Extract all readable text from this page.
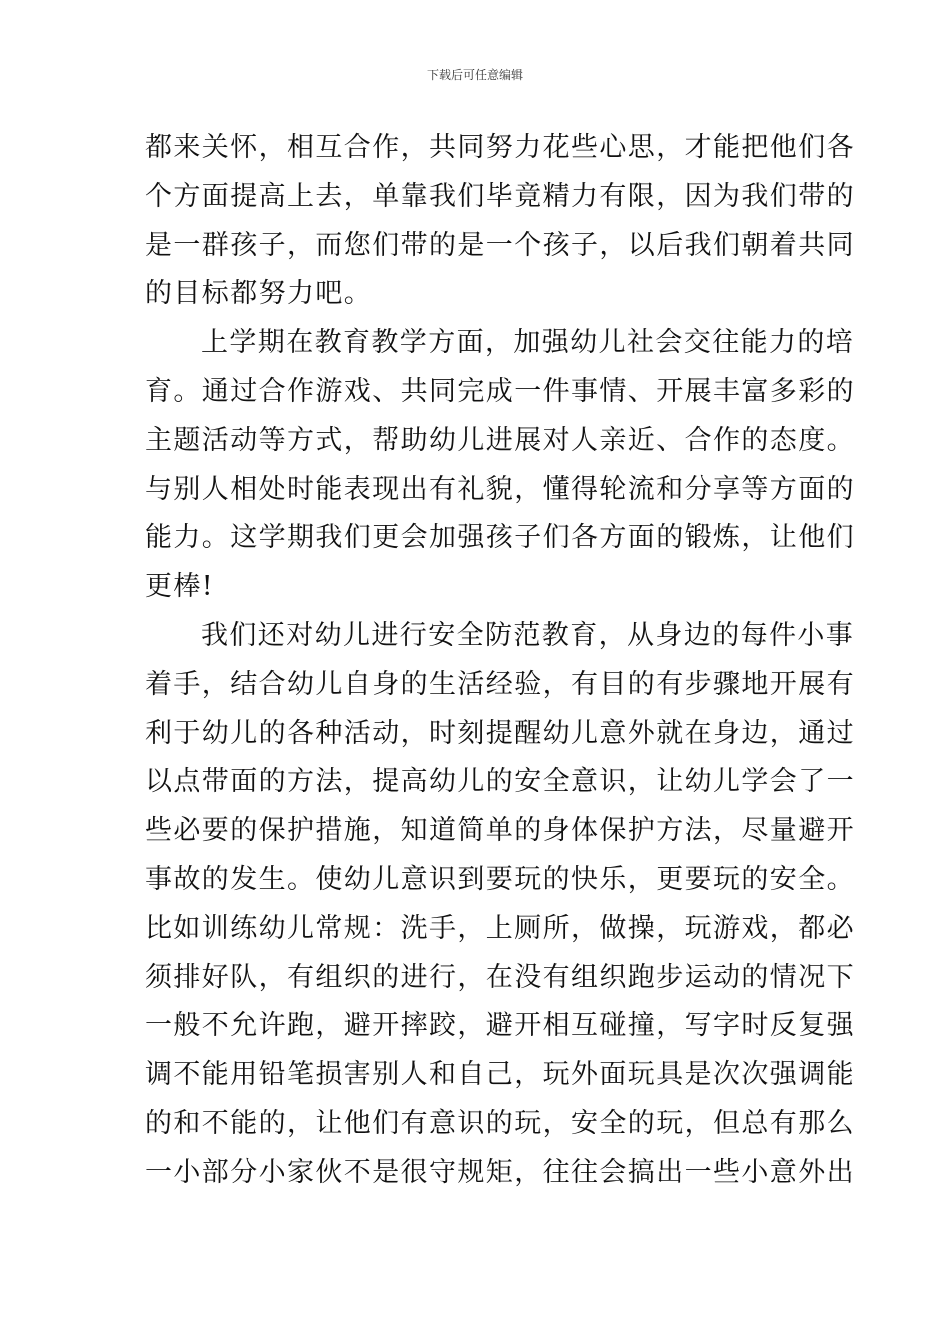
下载后可任意编辑

都来关怀，相互合作，共同努力花些心思，才能把他们各
个方面提高上去，单靠我们毕竟精力有限，因为我们带的
是一群孩子，而您们带的是一个孩子，以后我们朝着共同
的目标都努力吧。

上学期在教育教学方面，加强幼儿社会交往能力的培
育。通过合作游戏、共同完成一件事情、开展丰富多彩的
主题活动等方式，帮助幼儿进展对人亲近、合作的态度。
与别人相处时能表现出有礼貌，懂得轮流和分享等方面的
能力。这学期我们更会加强孩子们各方面的锻炼，让他们
更棒!

我们还对幼儿进行安全防范教育，从身边的每件小事
着手，结合幼儿自身的生活经验，有目的有步骤地开展有
利于幼儿的各种活动，时刻提醒幼儿意外就在身边，通过
以点带面的方法，提高幼儿的安全意识，让幼儿学会了一
些必要的保护措施，知道简单的身体保护方法，尽量避开
事故的发生。使幼儿意识到要玩的快乐，更要玩的安全。
比如训练幼儿常规：洗手，上厕所，做操，玩游戏，都必
须排好队，有组织的进行，在没有组织跑步运动的情况下
一般不允许跑，避开摔跤，避开相互碰撞，写字时反复强
调不能用铅笔损害别人和自己，玩外面玩具是次次强调能
的和不能的，让他们有意识的玩，安全的玩，但总有那么
一小部分小家伙不是很守规矩，往往会搞出一些小意外出
